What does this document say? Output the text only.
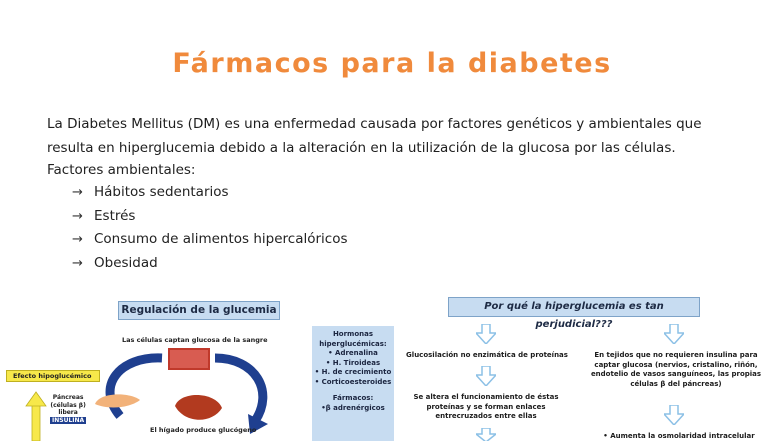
Fármacos para la diabetes

La Diabetes Mellitus (DM) es una enfermedad causada por factores genéticos y ambientales que resulta en hiperglucemia debido a la alteración en la utilización de la glucosa por las células.

Factores ambientales:
→ Hábitos sedentarios
→ Estrés
→ Consumo de alimentos hipercalóricos
→ Obesidad
Regulación de la glucemia
Las células captan glucosa de la sangre
Efecto hipoglucémico
Páncreas
(células β)
libera
INSULINA
El hígado produce glucógeno
Hormonas
hiperglucémicas:
• Adrenalina
• H. Tiroideas
• H. de crecimiento
• Corticoesteroides
Fármacos:
•β adrenérgicos
Por qué la hiperglucemia es tan perjudicial???
Glucosilación no enzimática de proteínas
Se altera el funcionamiento de éstas proteínas y se forman enlaces entrecruzados entre ellas
En tejidos que no requieren insulina para captar glucosa (nervios, cristalino, riñón, endotelio de vasos sanguíneos, las propias células β del páncreas)
• Aumenta la osmolaridad intracelular
